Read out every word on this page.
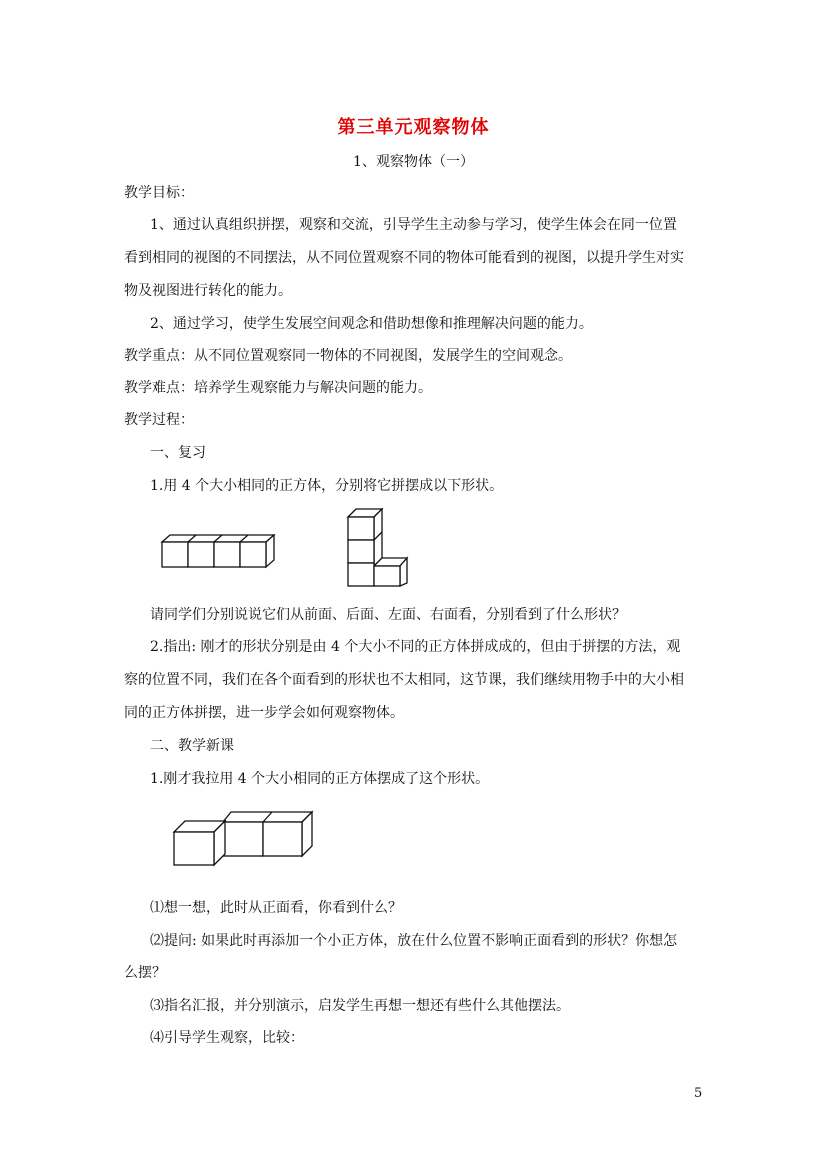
第三单元观察物体
1、观察物体（一）
教学目标：
1、通过认真组织拼摆，观察和交流，引导学生主动参与学习，使学生体会在同一位置
看到相同的视图的不同摆法，从不同位置观察不同的物体可能看到的视图，以提升学生对实
物及视图进行转化的能力。
2、通过学习，使学生发展空间观念和借助想像和推理解决问题的能力。
教学重点：从不同位置观察同一物体的不同视图，发展学生的空间观念。
教学难点：培养学生观察能力与解决问题的能力。
教学过程：
一、复习
1.用 4 个大小相同的正方体，分别将它拼摆成以下形状。
请同学们分别说说它们从前面、后面、左面、右面看，分别看到了什么形状？
2.指出: 刚才的形状分别是由 4 个大小不同的正方体拼成成的，但由于拼摆的方法，观
察的位置不同，我们在各个面看到的形状也不太相同，这节课，我们继续用物手中的大小相
同的正方体拼摆，进一步学会如何观察物体。
二、教学新课
1.刚才我拉用 4 个大小相同的正方体摆成了这个形状。
⑴想一想，此时从正面看，你看到什么？
⑵提问: 如果此时再添加一个小正方体，放在什么位置不影响正面看到的形状？你想怎
么摆？
⑶指名汇报，并分别演示，启发学生再想一想还有些什么其他摆法。
⑷引导学生观察，比较：
5
